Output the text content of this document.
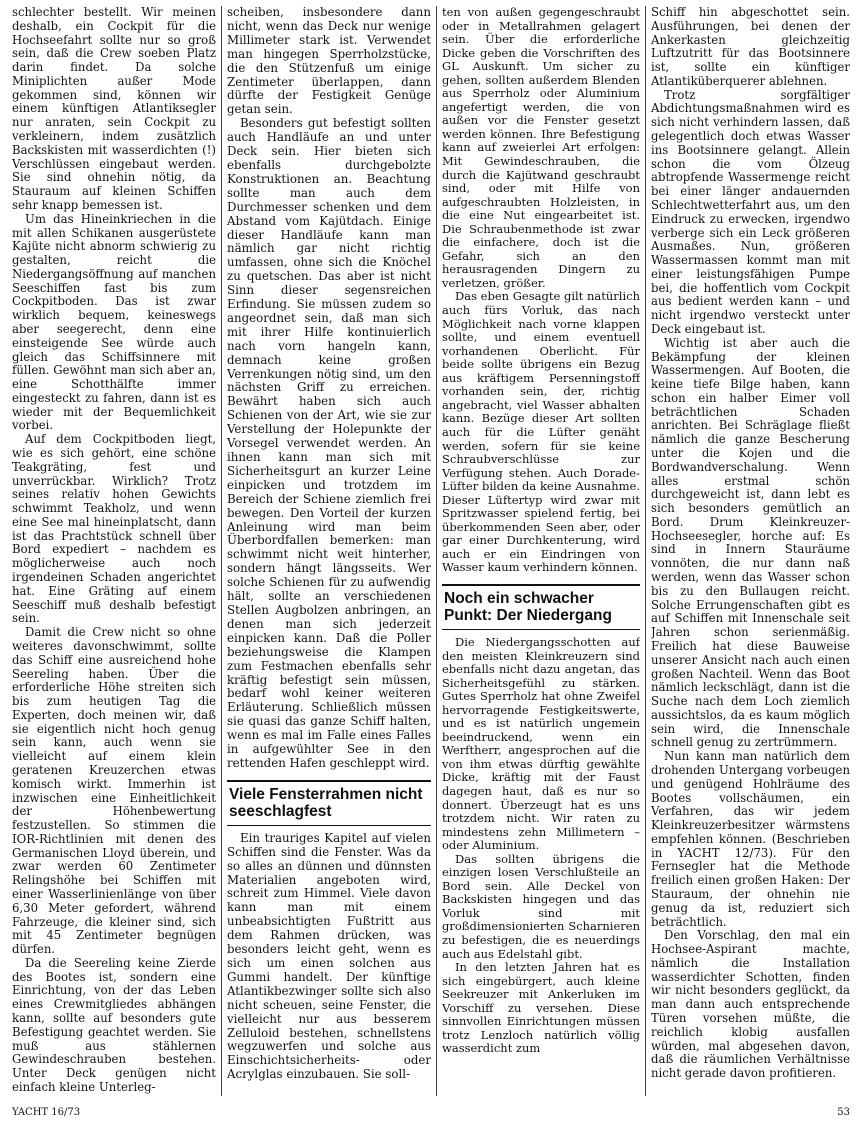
schlechter bestellt. Wir meinen deshalb, ein Cockpit für die Hochseefahrt sollte nur so groß sein, daß die Crew soeben Platz darin findet. Da solche Miniplichten außer Mode gekommen sind, können wir einem künftigen Atlantiksegler nur anraten, sein Cockpit zu verkleinern, indem zusätzlich Backskisten mit wasserdichten (!) Verschlüssen eingebaut werden. Sie sind ohnehin nötig, da Stauraum auf kleinen Schiffen sehr knapp bemessen ist.

Um das Hineinkriechen in die mit allen Schikanen ausgerüstete Kajüte nicht abnorm schwierig zu gestalten, reicht die Niedergangsöffnung auf manchen Seeschiffen fast bis zum Cockpitboden. Das ist zwar wirklich bequem, keineswegs aber seegerecht, denn eine einsteigende See würde auch gleich das Schiffsinnere mit füllen. Gewöhnt man sich aber an, eine Schotthälfte immer eingesteckt zu fahren, dann ist es wieder mit der Bequemlichkeit vorbei.

Auf dem Cockpitboden liegt, wie es sich gehört, eine schöne Teakgräting, fest und unverrückbar. Wirklich? Trotz seines relativ hohen Gewichts schwimmt Teakholz, und wenn eine See mal hineinplatscht, dann ist das Prachtstück schnell über Bord expediert – nachdem es möglicherweise auch noch irgendeinen Schaden angerichtet hat. Eine Gräting auf einem Seeschiff muß deshalb befestigt sein.

Damit die Crew nicht so ohne weiteres davonschwimmt, sollte das Schiff eine ausreichend hohe Seereling haben. Über die erforderliche Höhe streiten sich bis zum heutigen Tag die Experten, doch meinen wir, daß sie eigentlich nicht hoch genug sein kann, auch wenn sie vielleicht auf einem klein geratenen Kreuzerchen etwas komisch wirkt. Immerhin ist inzwischen eine Einheitlichkeit der Höhenbewertung festzustellen. So stimmen die IOR-Richtlinien mit denen des Germanischen Lloyd überein, und zwar werden 60 Zentimeter Relingshöhe bei Schiffen mit einer Wasserlinienlänge von über 6,30 Meter gefordert, während Fahrzeuge, die kleiner sind, sich mit 45 Zentimeter begnügen dürfen.

Da die Seereling keine Zierde des Bootes ist, sondern eine Einrichtung, von der das Leben eines Crewmitgliedes abhängen kann, sollte auf besonders gute Befestigung geachtet werden. Sie muß aus stählernen Gewindeschrauben bestehen. Unter Deck genügen nicht einfach kleine Unterleg-

scheiben, insbesondere dann nicht, wenn das Deck nur wenige Millimeter stark ist. Verwendet man hingegen Sperrholzstücke, die den Stützenfuß um einige Zentimeter überlappen, dann dürfte der Festigkeit Genüge getan sein.

Besonders gut befestigt sollten auch Handläufe an und unter Deck sein. Hier bieten sich ebenfalls durchgebolzte Konstruktionen an. Beachtung sollte man auch dem Durchmesser schenken und dem Abstand vom Kajütdach. Einige dieser Handläufe kann man nämlich gar nicht richtig umfassen, ohne sich die Knöchel zu quetschen. Das aber ist nicht Sinn dieser segensreichen Erfindung. Sie müssen zudem so angeordnet sein, daß man sich mit ihrer Hilfe kontinuierlich nach vorn hangeln kann, demnach keine großen Verrenkungen nötig sind, um den nächsten Griff zu erreichen. Bewährt haben sich auch Schienen von der Art, wie sie zur Verstellung der Holepunkte der Vorsegel verwendet werden. An ihnen kann man sich mit Sicherheitsgurt an kurzer Leine einpicken und trotzdem im Bereich der Schiene ziemlich frei bewegen. Den Vorteil der kurzen Anleinung wird man beim Überbordfallen bemerken: man schwimmt nicht weit hinterher, sondern hängt längsseits. Wer solche Schienen für zu aufwendig hält, sollte an verschiedenen Stellen Augbolzen anbringen, an denen man sich jederzeit einpicken kann. Daß die Poller beziehungsweise die Klampen zum Festmachen ebenfalls sehr kräftig befestigt sein müssen, bedarf wohl keiner weiteren Erläuterung. Schließlich müssen sie quasi das ganze Schiff halten, wenn es mal im Falle eines Falles in aufgewühlter See in den rettenden Hafen geschleppt wird.

Viele Fensterrahmen nicht seeschlagfest

Ein trauriges Kapitel auf vielen Schiffen sind die Fenster. Was da so alles an dünnen und dünnsten Materialien angeboten wird, schreit zum Himmel. Viele davon kann man mit einem unbeabsichtigten Fußtritt aus dem Rahmen drücken, was besonders leicht geht, wenn es sich um einen solchen aus Gummi handelt. Der künftige Atlantikbezwinger sollte sich also nicht scheuen, seine Fenster, die vielleicht nur aus besserem Zelluloid bestehen, schnellstens wegzuwerfen und solche aus Einschichtsicherheits- oder Acrylglas einzubauen. Sie soll-

ten von außen gegengeschraubt oder in Metallrahmen gelagert sein. Über die erforderliche Dicke geben die Vorschriften des GL Auskunft. Um sicher zu gehen, sollten außerdem Blenden aus Sperrholz oder Aluminium angefertigt werden, die von außen vor die Fenster gesetzt werden können. Ihre Befestigung kann auf zweierlei Art erfolgen: Mit Gewindeschrauben, die durch die Kajütwand geschraubt sind, oder mit Hilfe von aufgeschraubten Holzleisten, in die eine Nut eingearbeitet ist. Die Schraubenmethode ist zwar die einfachere, doch ist die Gefahr, sich an den herausragenden Dingern zu verletzen, größer.

Das eben Gesagte gilt natürlich auch fürs Vorluk, das nach Möglichkeit nach vorne klappen sollte, und einem eventuell vorhandenen Oberlicht. Für beide sollte übrigens ein Bezug aus kräftigem Persenningstoff vorhanden sein, der, richtig angebracht, viel Wasser abhalten kann. Bezüge dieser Art sollten auch für die Lüfter genäht werden, sofern für sie keine Schraubverschlüsse zur Verfügung stehen. Auch Dorade-Lüfter bilden da keine Ausnahme. Dieser Lüftertyp wird zwar mit Spritzwasser spielend fertig, bei überkommenden Seen aber, oder gar einer Durchkenterung, wird auch er ein Eindringen von Wasser kaum verhindern können.

Noch ein schwacher Punkt: Der Niedergang

Die Niedergangsschotten auf den meisten Kleinkreuzern sind ebenfalls nicht dazu angetan, das Sicherheitsgefühl zu stärken. Gutes Sperrholz hat ohne Zweifel hervorragende Festigkeitswerte, und es ist natürlich ungemein beeindruckend, wenn ein Werftherr, angesprochen auf die von ihm etwas dürftig gewählte Dicke, kräftig mit der Faust dagegen haut, daß es nur so donnert. Überzeugt hat es uns trotzdem nicht. Wir raten zu mindestens zehn Millimetern – oder Aluminium.

Das sollten übrigens die einzigen losen Verschlußteile an Bord sein. Alle Deckel von Backskisten hingegen und das Vorluk sind mit großdimensionierten Scharnieren zu befestigen, die es neuerdings auch aus Edelstahl gibt.

In den letzten Jahren hat es sich eingebürgert, auch kleine Seekreuzer mit Ankerluken im Vorschiff zu versehen. Diese sinnvollen Einrichtungen müssen trotz Lenzloch natürlich völlig wasserdicht zum

Schiff hin abgeschottet sein. Ausführungen, bei denen der Ankerkasten gleichzeitig Luftzutritt für das Bootsinnere ist, sollte ein künftiger Atlantiküberquerer ablehnen.

Trotz sorgfältiger Abdichtungsmaßnahmen wird es sich nicht verhindern lassen, daß gelegentlich doch etwas Wasser ins Bootsinnere gelangt. Allein schon die vom Ölzeug abtropfende Wassermenge reicht bei einer länger andauernden Schlechtwetterfahrt aus, um den Eindruck zu erwecken, irgendwo verberge sich ein Leck größeren Ausmaßes. Nun, größeren Wassermassen kommt man mit einer leistungsfähigen Pumpe bei, die hoffentlich vom Cockpit aus bedient werden kann – und nicht irgendwo versteckt unter Deck eingebaut ist.

Wichtig ist aber auch die Bekämpfung der kleinen Wassermengen. Auf Booten, die keine tiefe Bilge haben, kann schon ein halber Eimer voll beträchtlichen Schaden anrichten. Bei Schräglage fließt nämlich die ganze Bescherung unter die Kojen und die Bordwandverschalung. Wenn alles erstmal schön durchgeweicht ist, dann lebt es sich besonders gemütlich an Bord. Drum Kleinkreuzer-Hochseesegler, horche auf: Es sind in Innern Stauräume vonnöten, die nur dann naß werden, wenn das Wasser schon bis zu den Bullaugen reicht. Solche Errungenschaften gibt es auf Schiffen mit Innenschale seit Jahren schon serienmäßig. Freilich hat diese Bauweise unserer Ansicht nach auch einen großen Nachteil. Wenn das Boot nämlich leckschlägt, dann ist die Suche nach dem Loch ziemlich aussichtslos, da es kaum möglich sein wird, die Innenschale schnell genug zu zertrümmern.

Nun kann man natürlich dem drohenden Untergang vorbeugen und genügend Hohlräume des Bootes vollschäumen, ein Verfahren, das wir jedem Kleinkreuzerbesitzer wärmstens empfehlen können. (Beschrieben in YACHT 12/73). Für den Fernsegler hat die Methode freilich einen großen Haken: Der Stauraum, der ohnehin nie genug da ist, reduziert sich beträchtlich.

Den Vorschlag, den mal ein Hochsee-Aspirant machte, nämlich die Installation wasserdichter Schotten, finden wir nicht besonders geglückt, da man dann auch entsprechende Türen vorsehen müßte, die reichlich klobig ausfallen würden, mal abgesehen davon, daß die räumlichen Verhältnisse nicht gerade davon profitieren.

YACHT 16/73	53
